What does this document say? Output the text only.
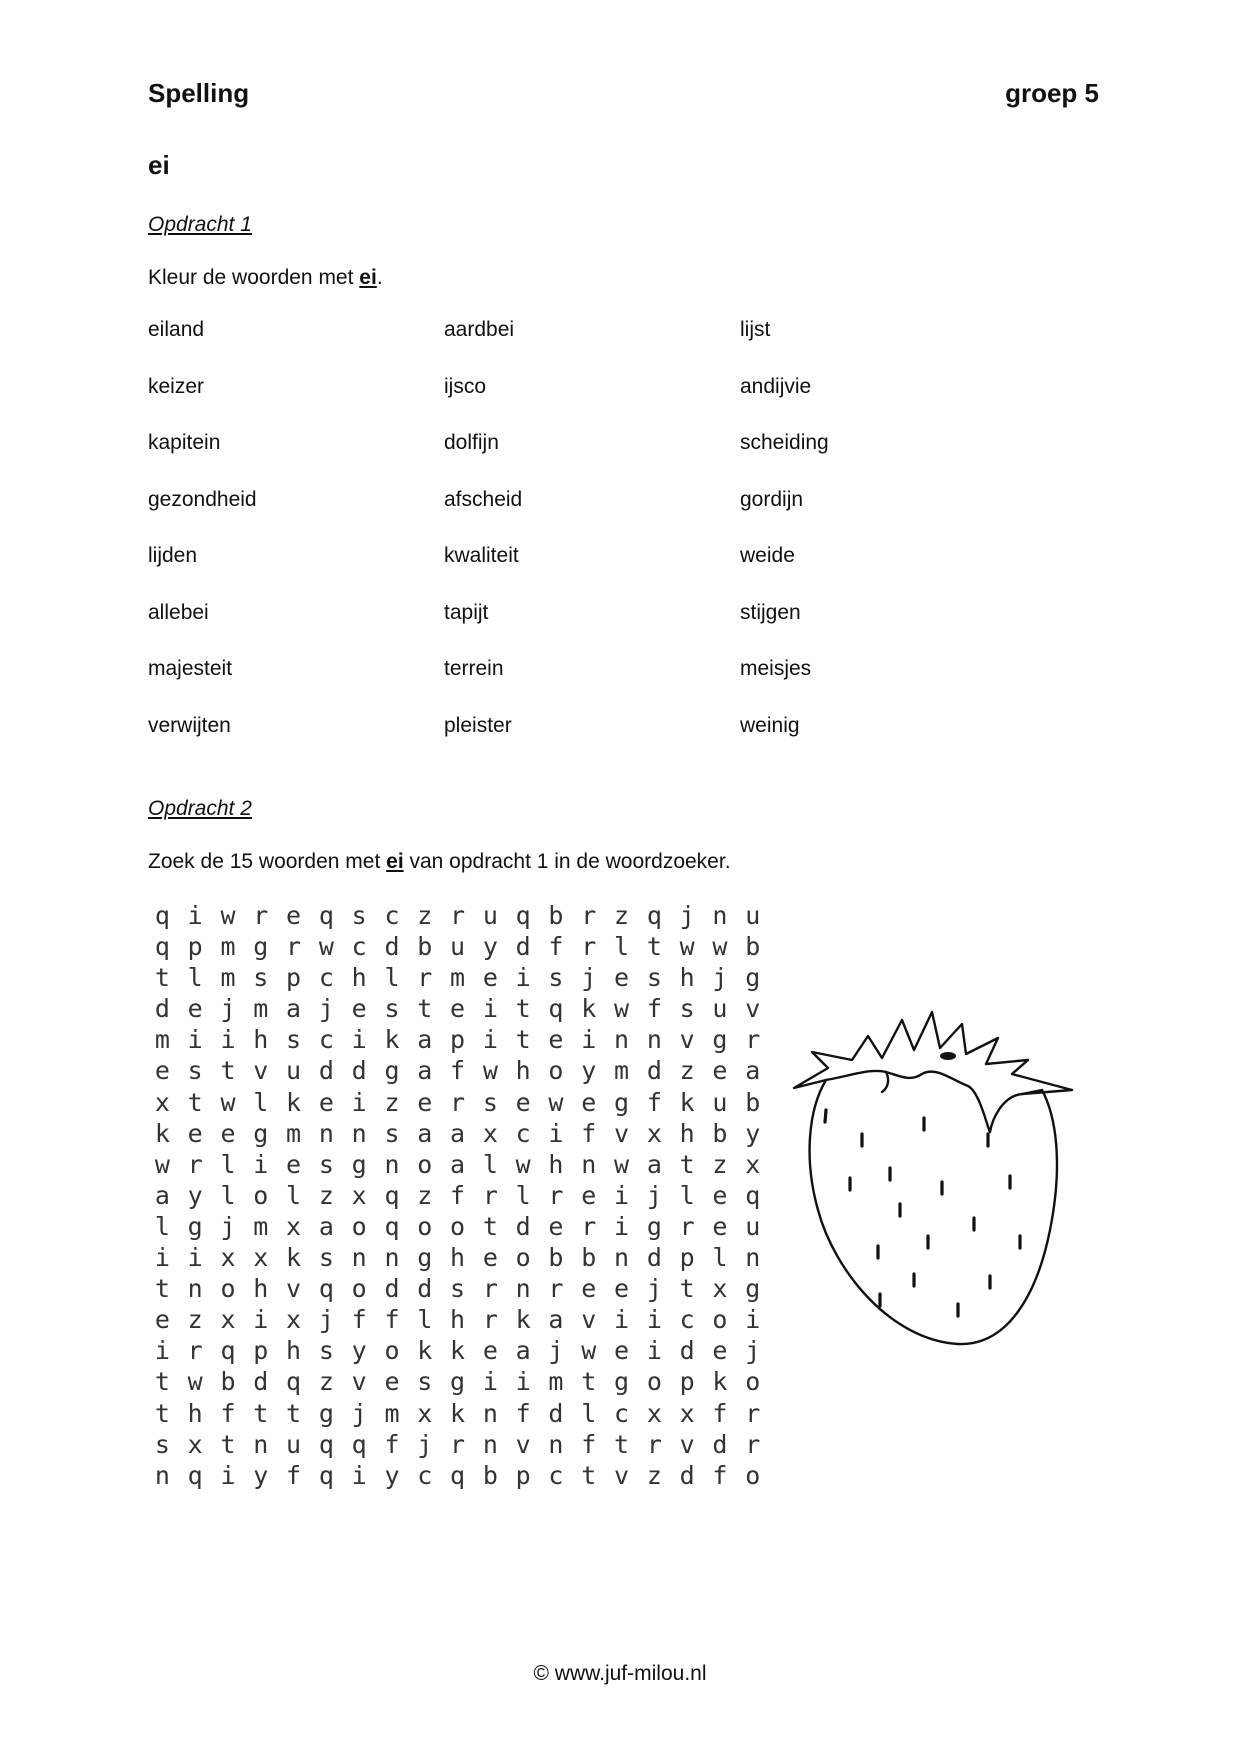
Spelling	groep 5
ei
Opdracht 1
Kleur de woorden met ei.
eiland	aardbei	lijst
keizer	ijsco	andijvie
kapitein	dolfijn	scheiding
gezondheid	afscheid	gordijn
lijden	kwaliteit	weide
allebei	tapijt	stijgen
majesteit	terrein	meisjes
verwijten	pleister	weinig
Opdracht 2
Zoek de 15 woorden met ei van opdracht 1 in de woordzoeker.
q i w r e q s c z r u q b r z q j n u
q p m g r w c d b u y d f r l t w w b
t l m s p c h l r m e i s j e s h j g
d e j m a j e s t e i t q k w f s u v
m i i h s c i k a p i t e i n n v g r
e s t v u d d g a f w h o y m d z e a
x t w l k e i z e r s e w e g f k u b
k e e g m n n s a a x c i f v x h b y
w r l i e s g n o a l w h n w a t z x
a y l o l z x q z f r l r e i j l e q
l g j m x a o q o o t d e r i g r e u
i i x x k s n n g h e o b b n d p l n
t n o h v q o d d s r n r e e j t x g
e z x i x j f f l h r k a v i i c o i
i r q p h s y o k k e a j w e i d e j
t w b d q z v e s g i i m t g o p k o
t h f t t g j m x k n f d l c x x f r
s x t n u q q f j r n v n f t r v d r
n q i y f q i y c q b p c t v z d f o
© www.juf-milou.nl
